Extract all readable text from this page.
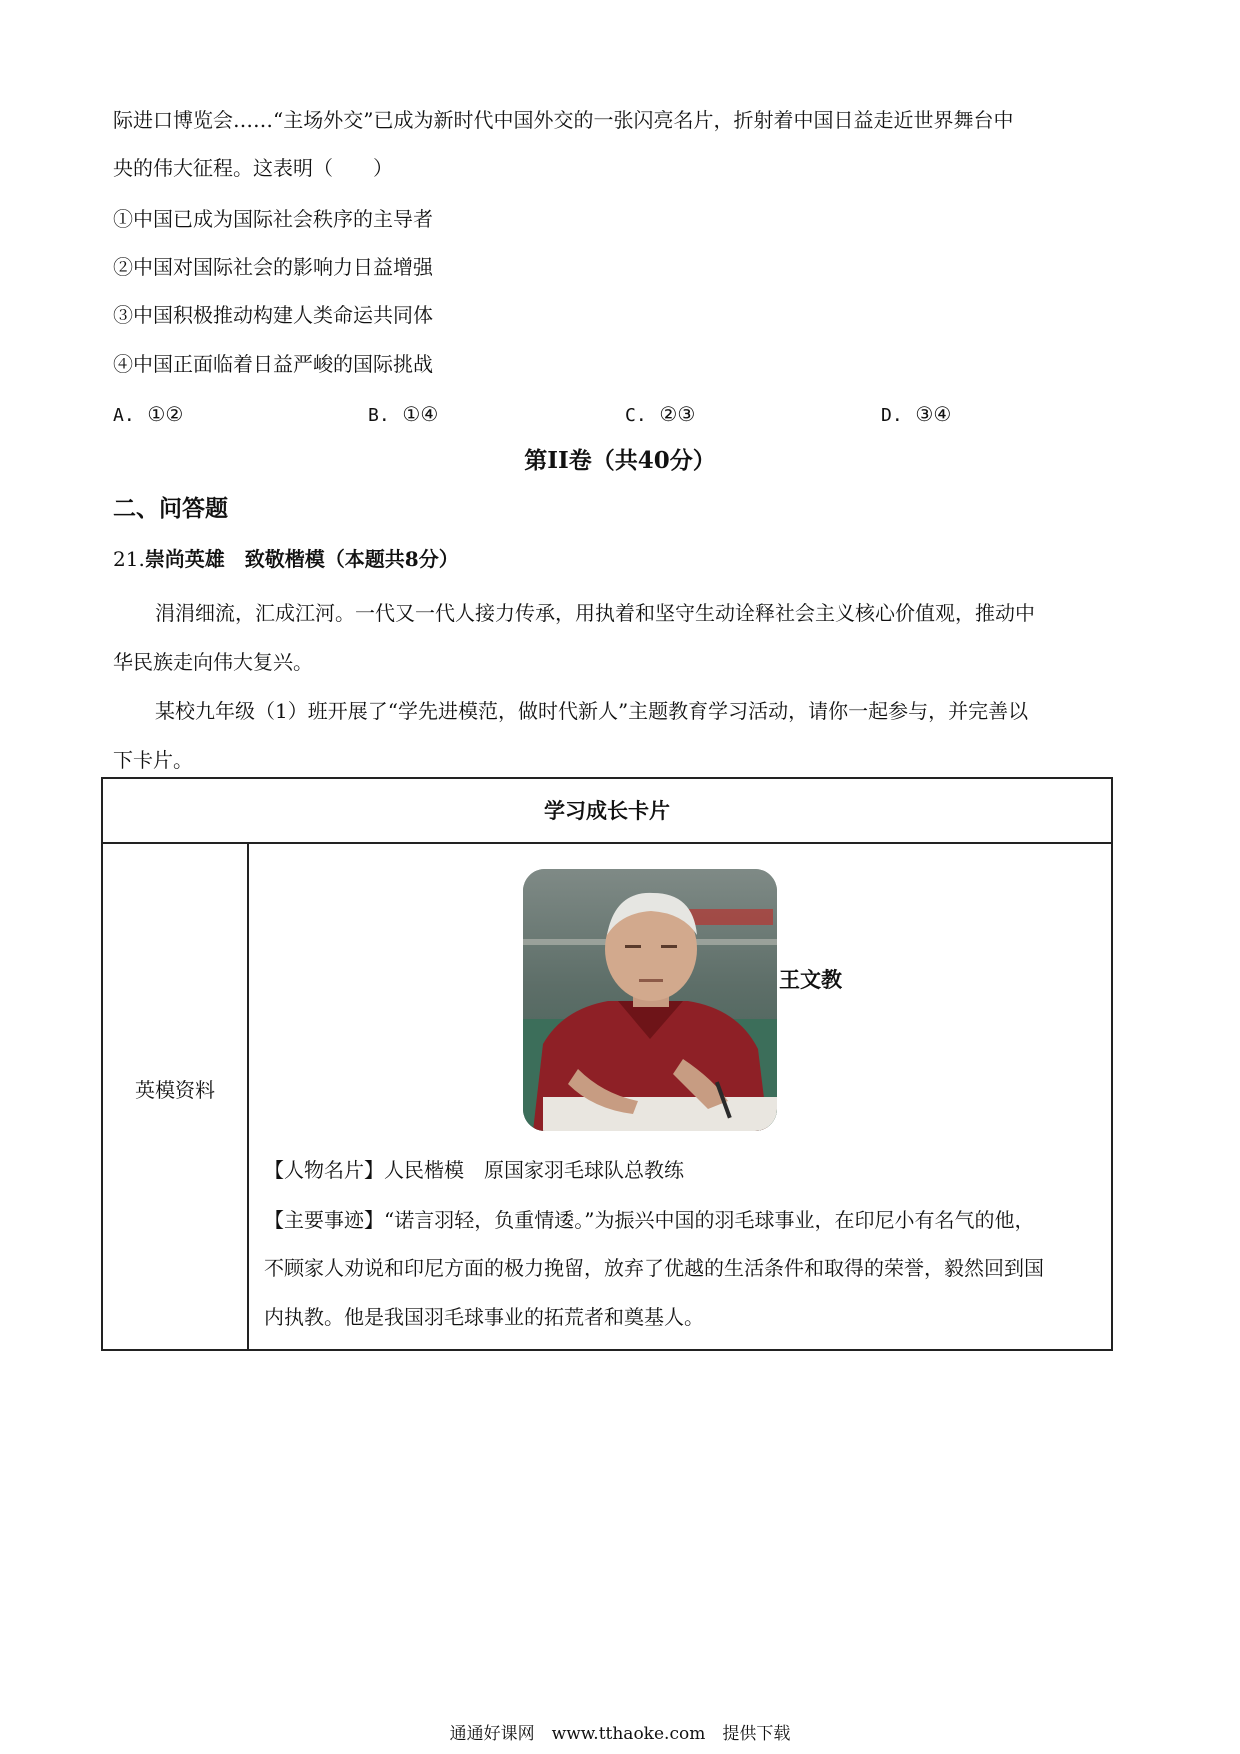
际进口博览会……“主场外交”已成为新时代中国外交的一张闪亮名片，折射着中国日益走近世界舞台中
央的伟大征程。这表明（　　）
①中国已成为国际社会秩序的主导者
②中国对国际社会的影响力日益增强
③中国积极推动构建人类命运共同体
④中国正面临着日益严峻的国际挑战
A. ①②	B. ①④	C. ②③	D. ③④
第II卷（共40分）
二、问答题
21.崇尚英雄　致敬楷模（本题共8分）
涓涓细流，汇成江河。一代又一代人接力传承，用执着和坚守生动诠释社会主义核心价值观，推动中
华民族走向伟大复兴。
某校九年级（1）班开展了“学先进模范，做时代新人”主题教育学习活动，请你一起参与，并完善以
下卡片。
学习成长卡片
英模资料
王文教
【人物名片】人民楷模　原国家羽毛球队总教练
【主要事迹】“诺言羽轻，负重情逶。”为振兴中国的羽毛球事业，在印尼小有名气的他，
不顾家人劝说和印尼方面的极力挽留，放弃了优越的生活条件和取得的荣誉，毅然回到国
内执教。他是我国羽毛球事业的拓荒者和奠基人。
通通好课网　www.tthaoke.com　提供下载
